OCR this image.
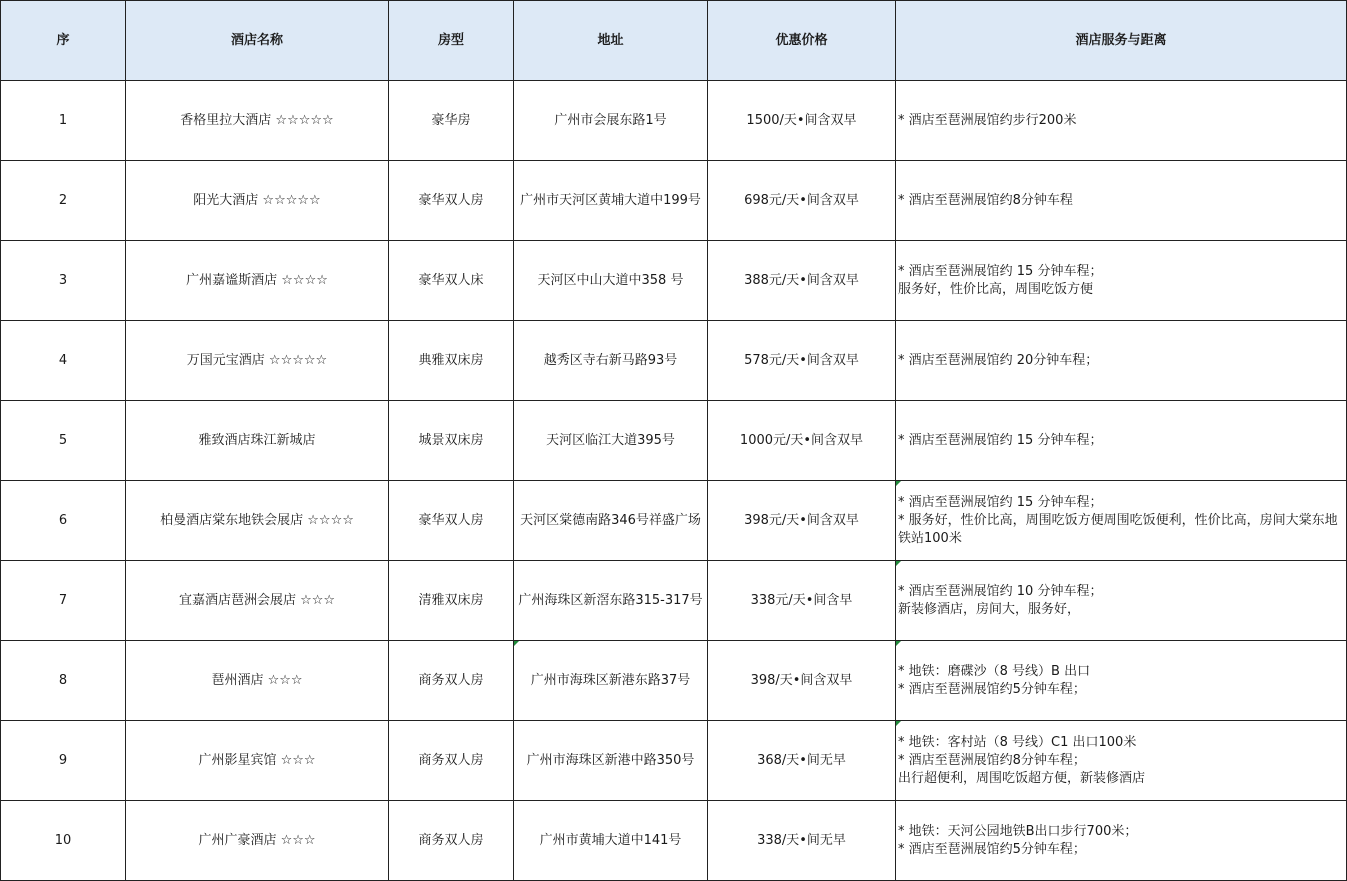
序	酒店名称	房型	地址	优惠价格	酒店服务与距离
1	香格里拉大酒店 ☆☆☆☆☆	豪华房	广州市会展东路1号	1500/天•间含双早	* 酒店至琶洲展馆约步行200米

2	阳光大酒店 ☆☆☆☆☆	豪华双人房	广州市天河区黄埔大道中199号	698元/天•间含双早	* 酒店至琶洲展馆约8分钟车程

3	广州嘉谧斯酒店 ☆☆☆☆	豪华双人床	天河区中山大道中358 号	388元/天•间含双早	* 酒店至琶洲展馆约 15 分钟车程；
服务好，性价比高，周围吃饭方便

4	万国元宝酒店 ☆☆☆☆☆	典雅双床房	越秀区寺右新马路93号	578元/天•间含双早	* 酒店至琶洲展馆约 20分钟车程；

5	雅致酒店珠江新城店	城景双床房	天河区临江大道395号	1000元/天•间含双早	* 酒店至琶洲展馆约 15 分钟车程；

6	柏曼酒店棠东地铁会展店 ☆☆☆☆	豪华双人房	天河区棠德南路346号祥盛广场	398元/天•间含双早	* 酒店至琶洲展馆约 15 分钟车程；
* 服务好，性价比高，周围吃饭方便周围吃饭便利，性价比高，房间大棠东地铁站100米

7	宜嘉酒店琶洲会展店 ☆☆☆	清雅双床房	广州海珠区新滘东路315-317号	338元/天•间含早	* 酒店至琶洲展馆约 10 分钟车程；
新装修酒店，房间大，服务好，

8	琶州酒店 ☆☆☆	商务双人房	广州市海珠区新港东路37号	398/天•间含双早	* 地铁：磨碟沙（8 号线）B 出口
* 酒店至琶洲展馆约5分钟车程；

9	广州影星宾馆 ☆☆☆	商务双人房	广州市海珠区新港中路350号	368/天•间无早	* 地铁：客村站（8 号线）C1 出口100米
* 酒店至琶洲展馆约8分钟车程；
出行超便利，周围吃饭超方便，新装修酒店

10	广州广豪酒店 ☆☆☆	商务双人房	广州市黄埔大道中141号	338/天•间无早	* 地铁：天河公园地铁B出口步行700米；
* 酒店至琶洲展馆约5分钟车程；
